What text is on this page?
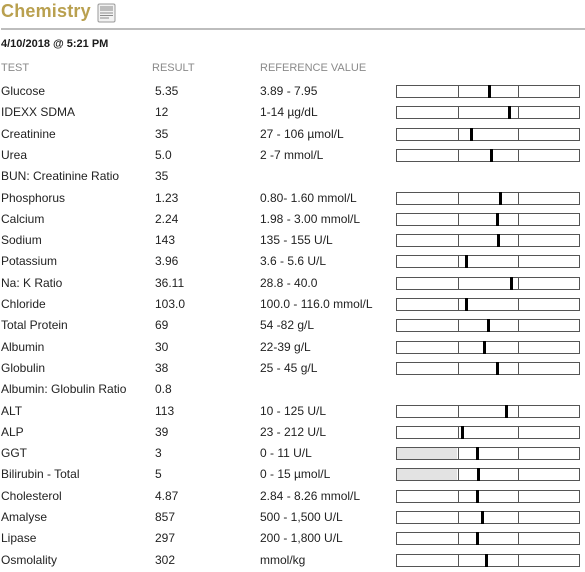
Chemistry
4/10/2018 @ 5:21 PM
TEST	RESULT	REFERENCE VALUE
Glucose	5.35	3.89 - 7.95
IDEXX SDMA	12	1-14 µg/dL
Creatinine	35	27 - 106 µmol/L
Urea	5.0	2 -7 mmol/L
BUN: Creatinine Ratio	35
Phosphorus	1.23	0.80- 1.60 mmol/L
Calcium	2.24	1.98 - 3.00 mmol/L
Sodium	143	135 - 155 U/L
Potassium	3.96	3.6 - 5.6 U/L
Na: K Ratio	36.11	28.8 - 40.0
Chloride	103.0	100.0 - 116.0 mmol/L
Total Protein	69	54 -82 g/L
Albumin	30	22-39 g/L
Globulin	38	25 - 45 g/L
Albumin: Globulin Ratio 0.8
ALT	113	10 - 125 U/L
ALP	39	23 - 212 U/L
GGT	3	0 - 11 U/L
Bilirubin - Total	5	0 - 15 µmol/L
Cholesterol	4.87	2.84 - 8.26 mmol/L
Amalyse	857	500 - 1,500 U/L
Lipase	297	200 - 1,800 U/L
Osmolality	302	mmol/kg
